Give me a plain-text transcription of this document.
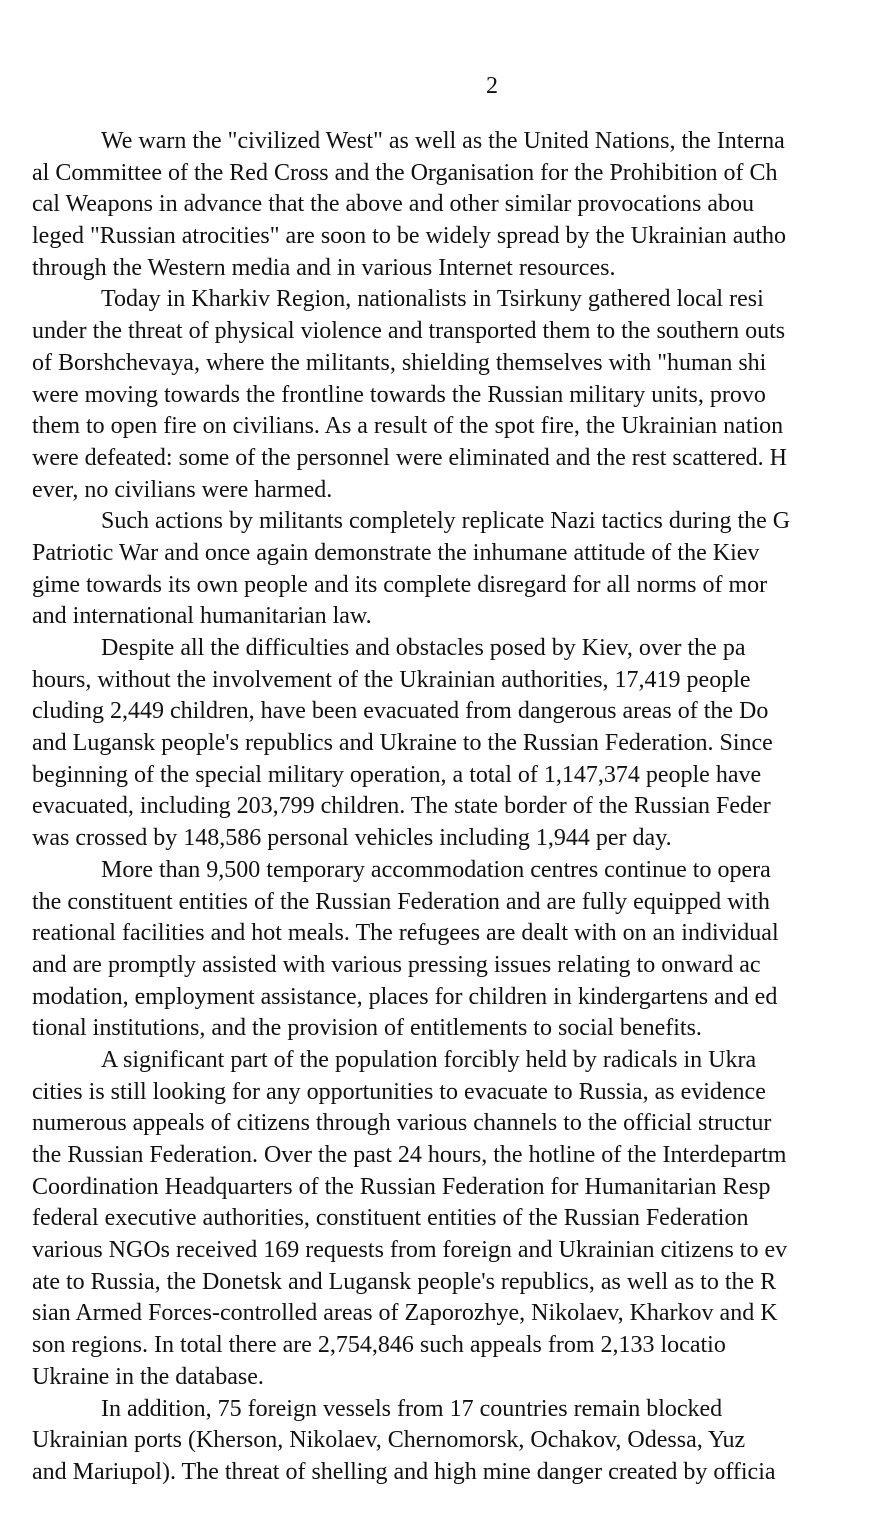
2
We warn the "civilized West" as well as the United Nations, the Interna
al Committee of the Red Cross and the Organisation for the Prohibition of Ch
cal Weapons in advance that the above and other similar provocations abou
leged "Russian atrocities" are soon to be widely spread by the Ukrainian autho
through the Western media and in various Internet resources.
Today in Kharkiv Region, nationalists in Tsirkuny gathered local resi
under the threat of physical violence and transported them to the southern outs
of Borshchevaya, where the militants, shielding themselves with "human shi
were moving towards the frontline towards the Russian military units, provo
them to open fire on civilians. As a result of the spot fire, the Ukrainian nation
were defeated: some of the personnel were eliminated and the rest scattered. H
ever, no civilians were harmed.
Such actions by militants completely replicate Nazi tactics during the G
Patriotic War and once again demonstrate the inhumane attitude of the Kiev
gime towards its own people and its complete disregard for all norms of mor
and international humanitarian law.
Despite all the difficulties and obstacles posed by Kiev, over the pa
hours, without the involvement of the Ukrainian authorities, 17,419 people
cluding 2,449 children, have been evacuated from dangerous areas of the Do
and Lugansk people's republics and Ukraine to the Russian Federation. Since
beginning of the special military operation, a total of 1,147,374 people have
evacuated, including 203,799 children. The state border of the Russian Feder
was crossed by 148,586 personal vehicles including 1,944 per day.
More than 9,500 temporary accommodation centres continue to opera
the constituent entities of the Russian Federation and are fully equipped with
reational facilities and hot meals. The refugees are dealt with on an individual
and are promptly assisted with various pressing issues relating to onward ac
modation, employment assistance, places for children in kindergartens and ed
tional institutions, and the provision of entitlements to social benefits.
A significant part of the population forcibly held by radicals in Ukra
cities is still looking for any opportunities to evacuate to Russia, as evidence
numerous appeals of citizens through various channels to the official structur
the Russian Federation. Over the past 24 hours, the hotline of the Interdepartm
Coordination Headquarters of the Russian Federation for Humanitarian Resp
federal executive authorities, constituent entities of the Russian Federation
various NGOs received 169 requests from foreign and Ukrainian citizens to ev
ate to Russia, the Donetsk and Lugansk people's republics, as well as to the R
sian Armed Forces-controlled areas of Zaporozhye, Nikolaev, Kharkov and K
son regions. In total there are 2,754,846 such appeals from 2,133 locatio
Ukraine in the database.
In addition, 75 foreign vessels from 17 countries remain blocked
Ukrainian ports (Kherson, Nikolaev, Chernomorsk, Ochakov, Odessa, Yuz
and Mariupol). The threat of shelling and high mine danger created by officia
